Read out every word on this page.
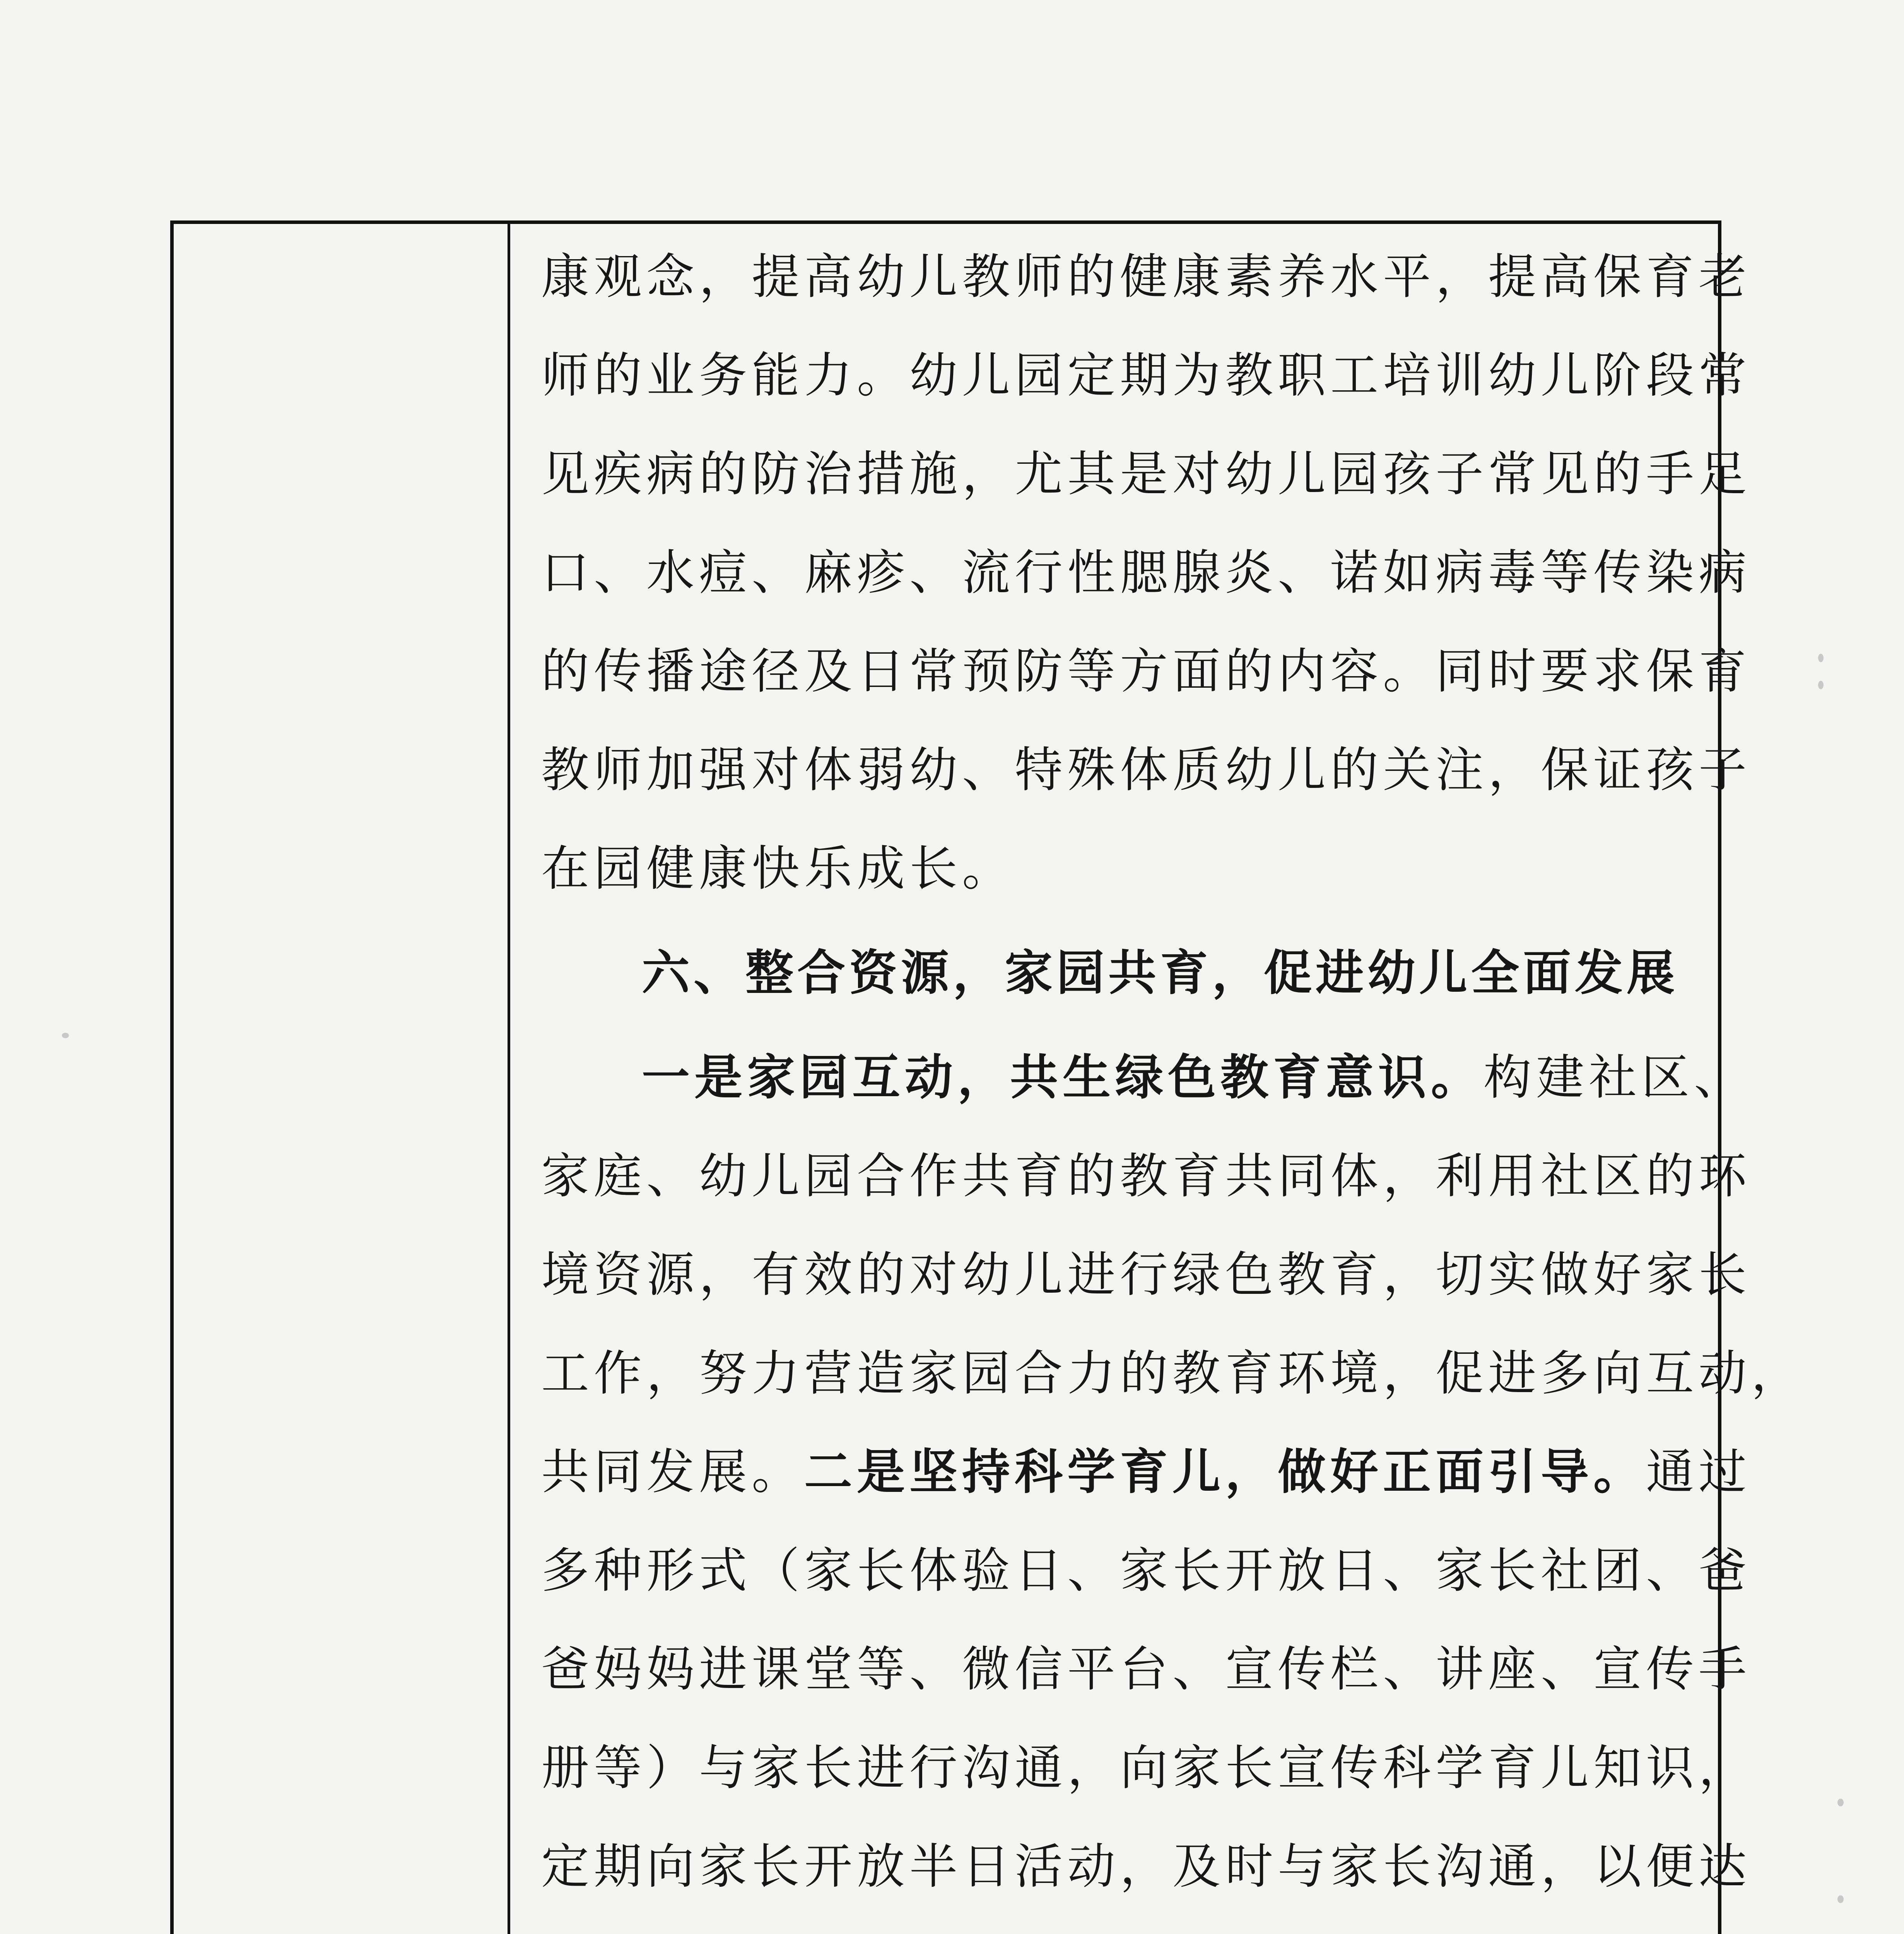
康观念，提高幼儿教师的健康素养水平，提高保育老
师的业务能力。幼儿园定期为教职工培训幼儿阶段常
见疾病的防治措施，尤其是对幼儿园孩子常见的手足
口、水痘、麻疹、流行性腮腺炎、诺如病毒等传染病
的传播途径及日常预防等方面的内容。同时要求保育
教师加强对体弱幼、特殊体质幼儿的关注，保证孩子
在园健康快乐成长。
六、整合资源，家园共育，促进幼儿全面发展
一是家园互动，共生绿色教育意识。构建社区、
家庭、幼儿园合作共育的教育共同体，利用社区的环
境资源，有效的对幼儿进行绿色教育，切实做好家长
工作，努力营造家园合力的教育环境，促进多向互动，
共同发展。二是坚持科学育儿，做好正面引导。通过
多种形式（家长体验日、家长开放日、家长社团、爸
爸妈妈进课堂等、微信平台、宣传栏、讲座、宣传手
册等）与家长进行沟通，向家长宣传科学育儿知识，
定期向家长开放半日活动，及时与家长沟通，以便达
